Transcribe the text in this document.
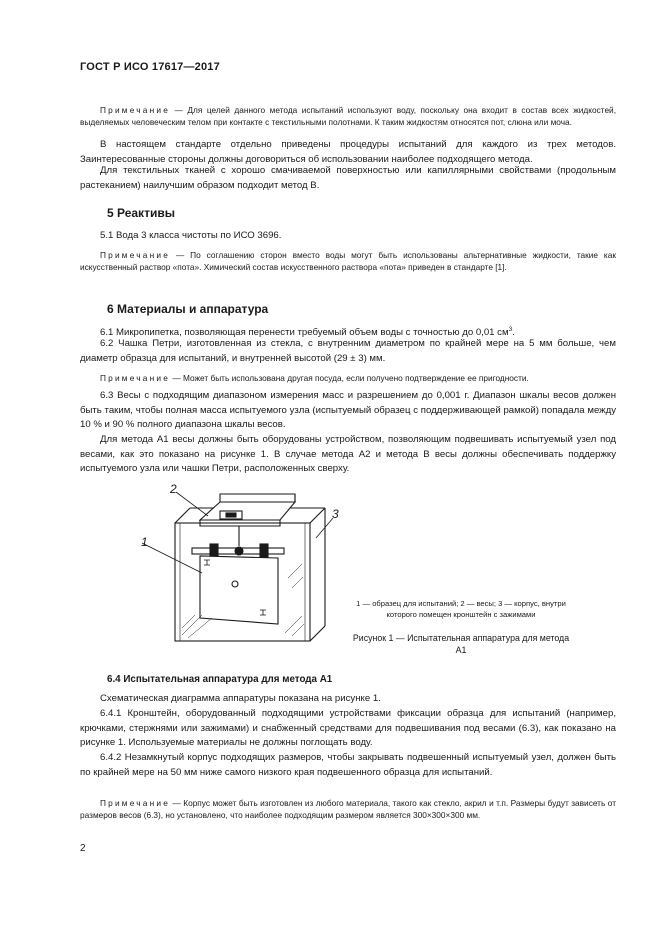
ГОСТ Р ИСО 17617—2017

Примечание — Для целей данного метода испытаний используют воду, поскольку она входит в состав всех жидкостей, выделяемых человеческим телом при контакте с текстильными полотнами. К таким жидкостям относятся пот, слюна или моча.

В настоящем стандарте отдельно приведены процедуры испытаний для каждого из трех методов. Заинтересованные стороны должны договориться об использовании наиболее подходящего метода.

Для текстильных тканей с хорошо смачиваемой поверхностью или капиллярными свойствами (продольным растеканием) наилучшим образом подходит метод В.

5 Реактивы

5.1 Вода 3 класса чистоты по ИСО 3696.

Примечание — По соглашению сторон вместо воды могут быть использованы альтернативные жидкости, такие как искусственный раствор «пота». Химический состав искусственного раствора «пота» приведен в стандарте [1].

6 Материалы и аппаратура

6.1 Микропипетка, позволяющая перенести требуемый объем воды с точностью до 0,01 $см^3$.

6.2 Чашка Петри, изготовленная из стекла, с внутренним диаметром по крайней мере на 5 мм больше, чем диаметр образца для испытаний, и внутренней высотой (29 ± 3) мм.

Примечание — Может быть использована другая посуда, если получено подтверждение ее пригодности.

6.3 Весы с подходящим диапазоном измерения масс и разрешением до 0,001 г. Диапазон шкалы весов должен быть таким, чтобы полная масса испытуемого узла (испытуемый образец с поддерживающей рамкой) попадала между 10 % и 90 % полного диапазона шкалы весов.

Для метода А1 весы должны быть оборудованы устройством, позволяющим подвешивать испытуемый узел под весами, как это показано на рисунке 1. В случае метода А2 и метода В весы должны обеспечивать поддержку испытуемого узла или чашки Петри, расположенных сверху.

2
1
3
1 — образец для испытаний; 2 — весы; 3 — корпус, внутри которого помещен кронштейн с зажимами
Рисунок 1 — Испытательная аппаратура для метода А1
6.4 Испытательная аппаратура для метода А1

Схематическая диаграмма аппаратуры показана на рисунке 1.

6.4.1 Кронштейн, оборудованный подходящими устройствами фиксации образца для испытаний (например, крючками, стержнями или зажимами) и снабженный средствами для подвешивания под весами (6.3), как показано на рисунке 1. Используемые материалы не должны поглощать воду.

6.4.2 Незамкнутый корпус подходящих размеров, чтобы закрывать подвешенный испытуемый узел, должен быть по крайней мере на 50 мм ниже самого низкого края подвешенного образца для испытаний.

Примечание — Корпус может быть изготовлен из любого материала, такого как стекло, акрил и т.п. Размеры будут зависеть от размеров весов (6.3), но установлено, что наиболее подходящим размером является 300×300×300 мм.

2
